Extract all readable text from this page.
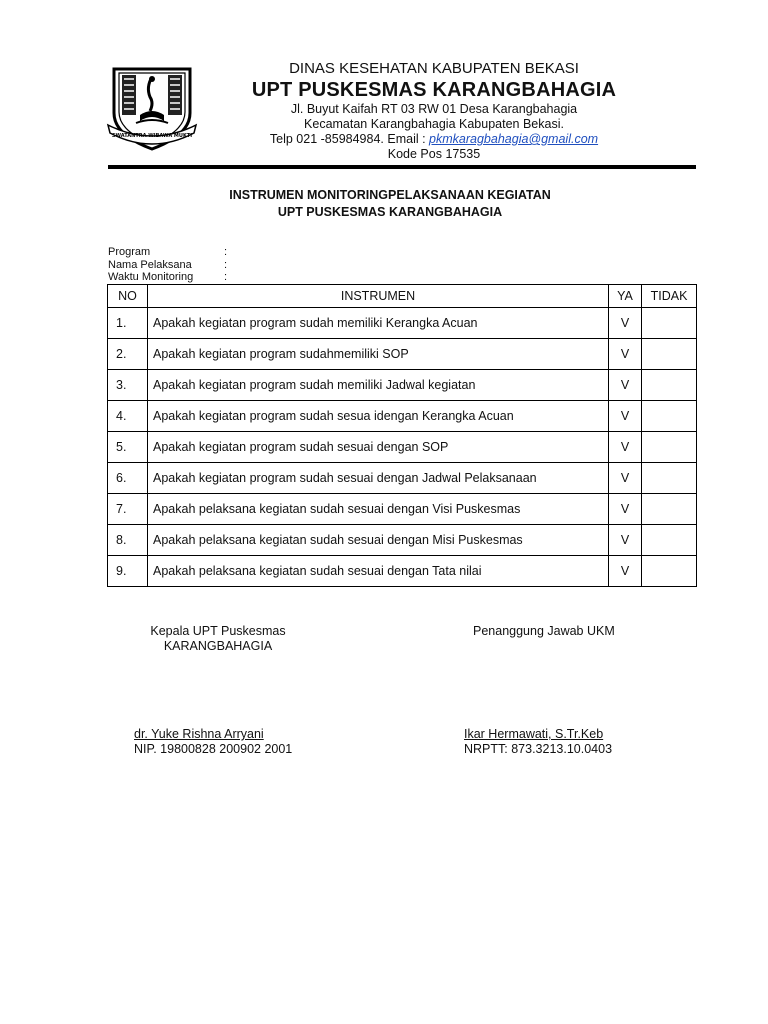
SWATANTRA WIBAWA MUKTI
DINAS KESEHATAN KABUPATEN BEKASI
UPT PUSKESMAS KARANGBAHAGIA
Jl. Buyut Kaifah RT 03 RW 01 Desa Karangbahagia
Kecamatan Karangbahagia Kabupaten Bekasi.
Telp 021 -85984984. Email : pkmkaragbahagia@gmail.com
Kode Pos 17535
INSTRUMEN MONITORINGPELAKSANAAN KEGIATAN
UPT PUSKESMAS KARANGBAHAGIA
Program	:
Nama Pelaksana	:
Waktu Monitoring	:
NO	INSTRUMEN	YA	TIDAK
1.	Apakah kegiatan program sudah memiliki Kerangka Acuan	V	
2.	Apakah kegiatan program sudahmemiliki SOP	V	
3.	Apakah kegiatan program sudah memiliki Jadwal kegiatan	V	
4.	Apakah kegiatan program sudah sesua idengan Kerangka Acuan	V	
5.	Apakah kegiatan program sudah sesuai dengan SOP	V	
6.	Apakah kegiatan program sudah sesuai dengan Jadwal Pelaksanaan	V	
7.	Apakah pelaksana kegiatan sudah sesuai dengan Visi Puskesmas	V	
8.	Apakah pelaksana kegiatan sudah sesuai dengan Misi Puskesmas	V	
9.	Apakah pelaksana kegiatan sudah sesuai dengan Tata nilai	V	
Kepala UPT Puskesmas
KARANGBAHAGIA
Penanggung Jawab UKM
dr. Yuke Rishna Arryani
NIP. 19800828 200902 2001
Ikar Hermawati, S.Tr.Keb
NRPTT: 873.3213.10.0403
